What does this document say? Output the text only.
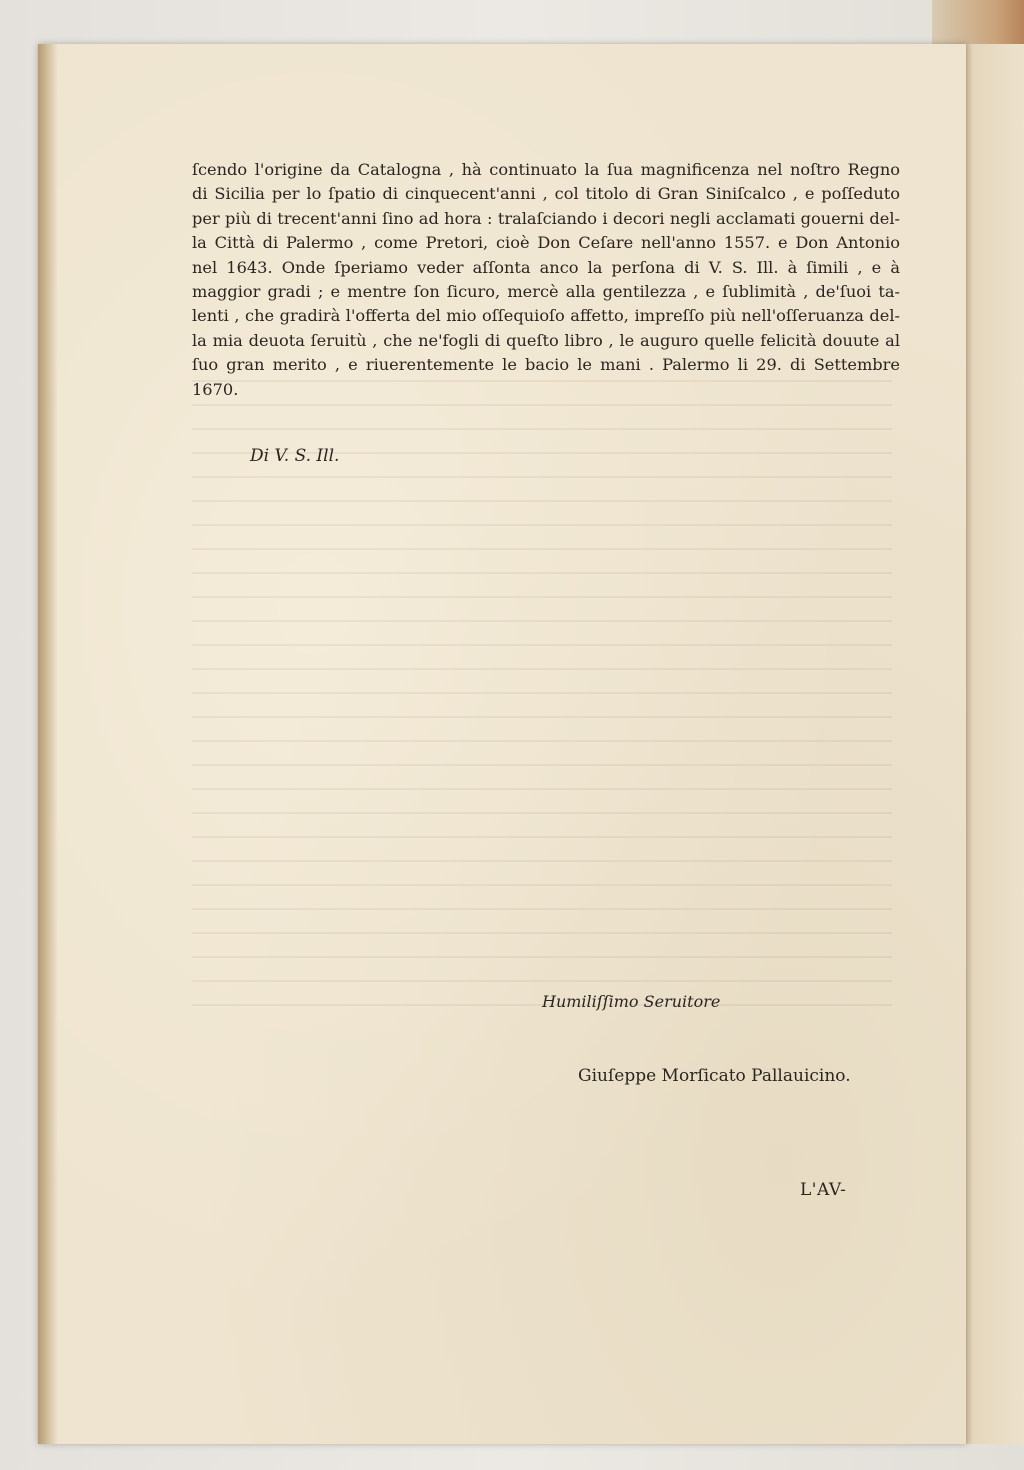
ſcendo l'origine da Catalogna , hà continuato la ſua magnificenza nel noſtro Regno

di Sicilia per lo ſpatio di cinquecent'anni , col titolo di Gran Siniſcalco , e poſſeduto

per più di trecent'anni ſino ad hora : tralaſciando i decori negli acclamati gouerni del-

la Città di Palermo , come Pretori, cioè Don Ceſare nell'anno 1557. e Don Antonio

nel 1643. Onde ſperiamo veder aſſonta anco la perſona di V. S. Ill. à ſimili , e à

maggior gradi ; e mentre ſon ſicuro, mercè alla gentilezza , e ſublimità , de'ſuoi ta-

lenti , che gradirà l'offerta del mio oſſequioſo affetto, impreſſo più nell'oſſeruanza del-

la mia deuota ſeruitù , che ne'fogli di queſto libro , le auguro quelle felicità douute al

ſuo gran merito , e riuerentemente le bacio le mani . Palermo li 29. di Settembre

1670.

Di V. S. Ill.
Humiliſſimo Seruitore
Giuſeppe Morſicato Pallauicino.
L'AV-
